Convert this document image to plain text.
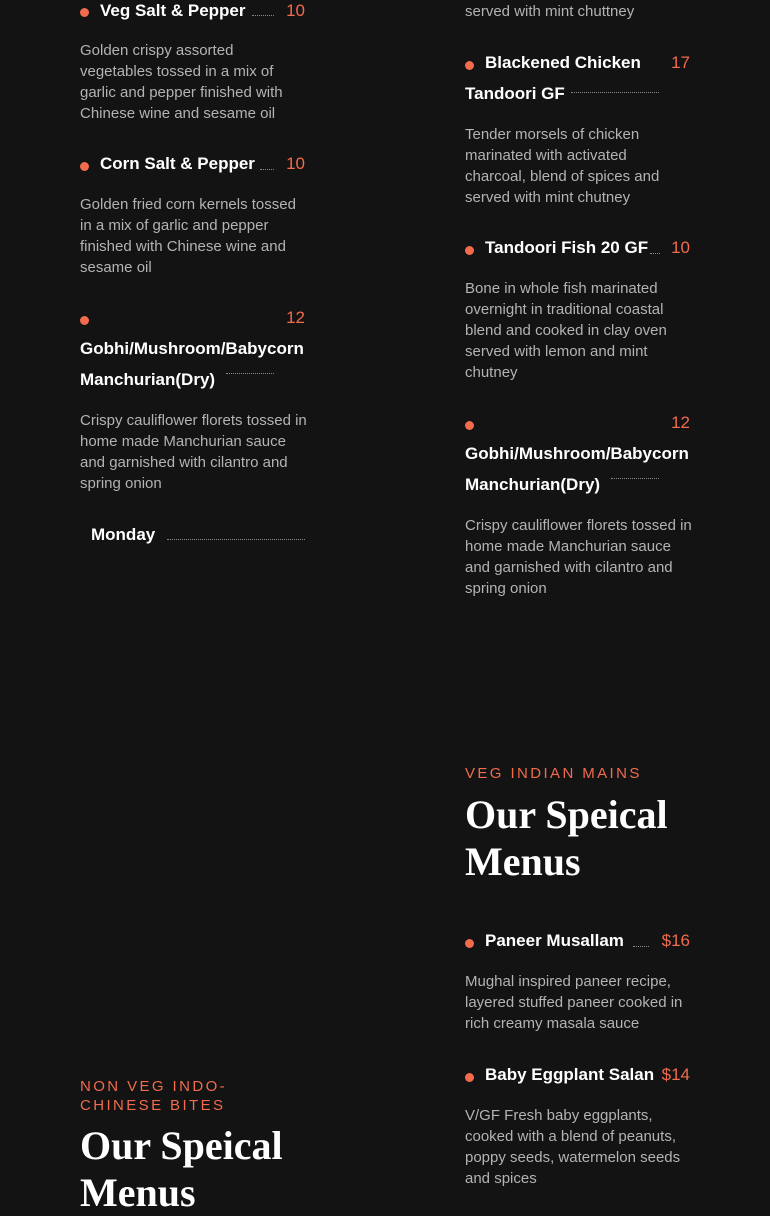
Veg Salt & Pepper 10
Golden crispy assorted vegetables tossed in a mix of garlic and pepper finished with Chinese wine and sesame oil
Corn Salt & Pepper 10
Golden fried corn kernels tossed in a mix of garlic and pepper finished with Chinese wine and sesame oil
Gobhi/Mushroom/Babycorn
Manchurian(Dry)
12
Crispy cauliflower florets tossed in home made Manchurian sauce and garnished with cilantro and spring onion
Monday
NON VEG INDO-
CHINESE BITES
Our Speical
Menus
served with mint chuttney
Blackened Chicken
Tandoori GF
17
Tender morsels of chicken marinated with activated charcoal, blend of spices and served with mint chutney
Tandoori Fish 20 GF 10
Bone in whole fish marinated overnight in traditional coastal blend and cooked in clay oven served with lemon and mint chutney
Gobhi/Mushroom/Babycorn
Manchurian(Dry)
12
Crispy cauliflower florets tossed in home made Manchurian sauce and garnished with cilantro and spring onion
VEG INDIAN MAINS
Our Speical
Menus
Paneer Musallam $16
Mughal inspired paneer recipe, layered stuffed paneer cooked in rich creamy masala sauce
Baby Eggplant Salan $14
V/GF Fresh baby eggplants, cooked with a blend of peanuts, poppy seeds, watermelon seeds and spices
